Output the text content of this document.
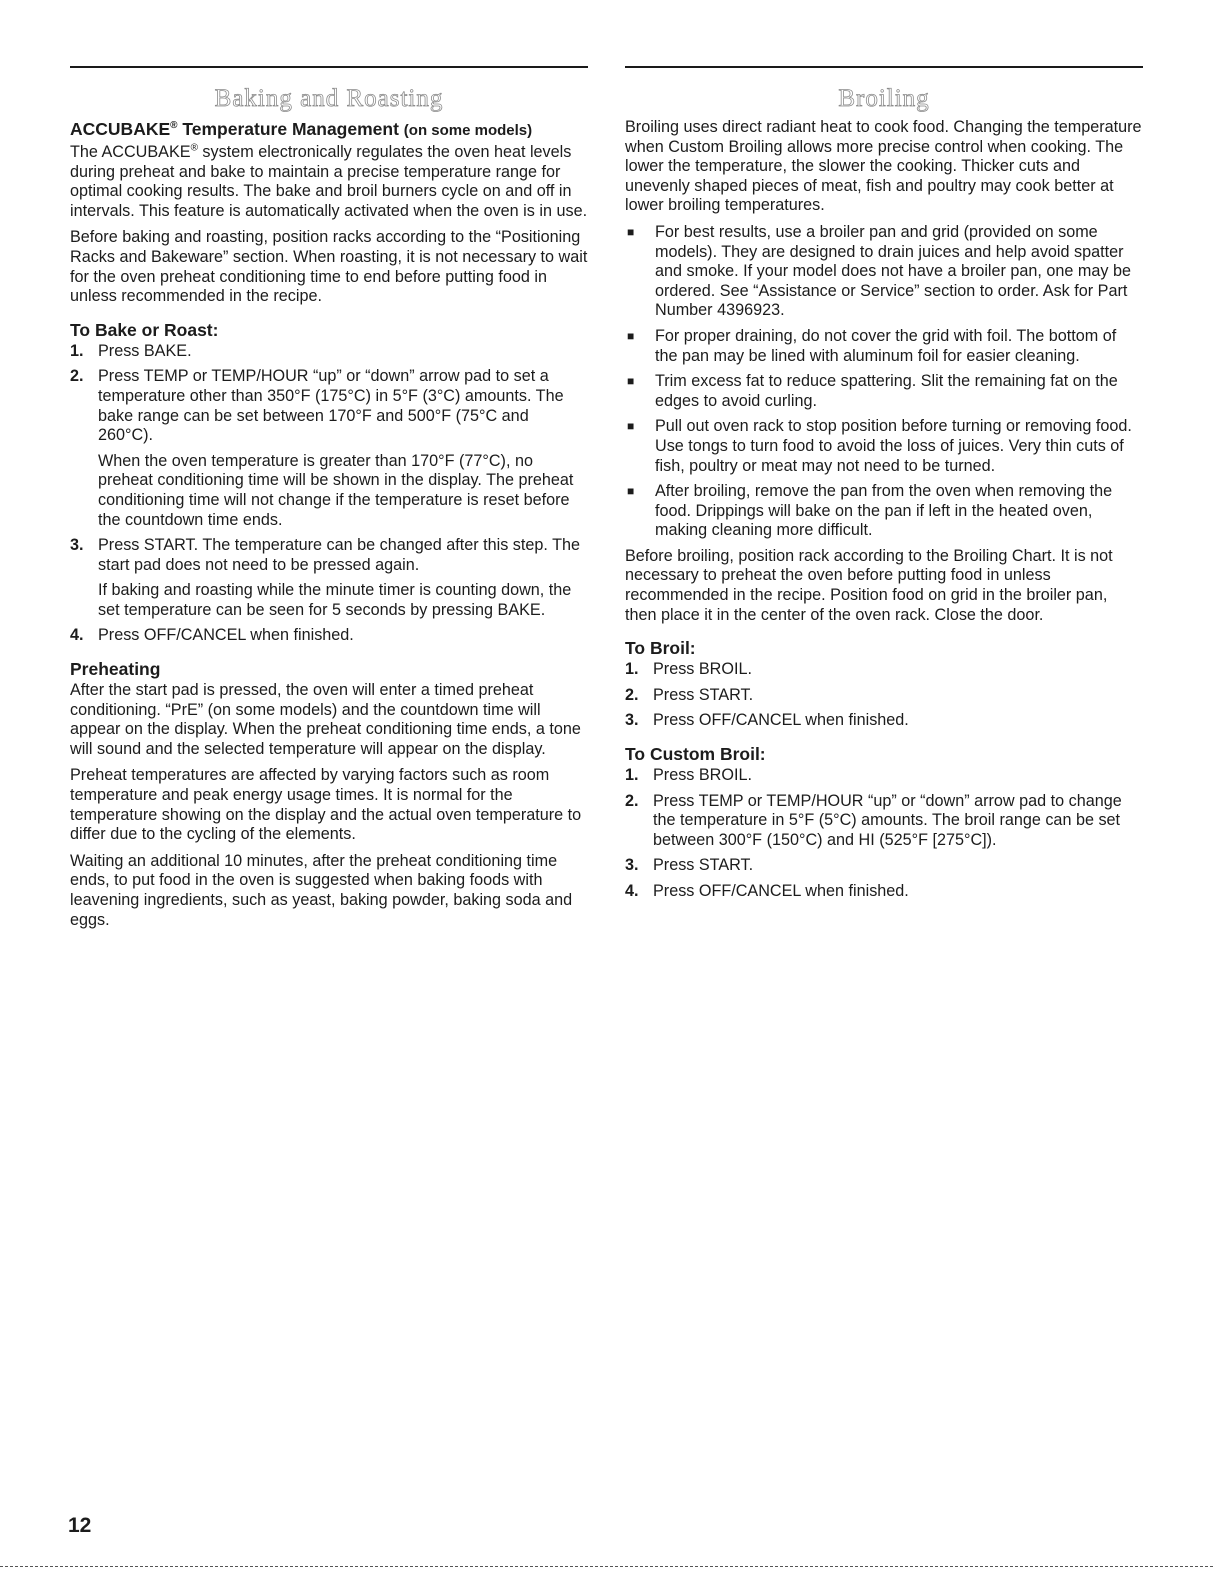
Baking and Roasting
ACCUBAKE® Temperature Management (on some models)

The ACCUBAKE® system electronically regulates the oven heat levels during preheat and bake to maintain a precise temperature range for optimal cooking results. The bake and broil burners cycle on and off in intervals. This feature is automatically activated when the oven is in use.

Before baking and roasting, position racks according to the “Positioning Racks and Bakeware” section. When roasting, it is not necessary to wait for the oven preheat conditioning time to end before putting food in unless recommended in the recipe.

To Bake or Roast:
1. Press BAKE.

2. Press TEMP or TEMP/HOUR “up” or “down” arrow pad to set a temperature other than 350°F (175°C) in 5°F (3°C) amounts. The bake range can be set between 170°F and 500°F (75°C and 260°C).

When the oven temperature is greater than 170°F (77°C), no preheat conditioning time will be shown in the display. The preheat conditioning time will not change if the temperature is reset before the countdown time ends.

3. Press START. The temperature can be changed after this step. The start pad does not need to be pressed again.

If baking and roasting while the minute timer is counting down, the set temperature can be seen for 5 seconds by pressing BAKE.

4. Press OFF/CANCEL when finished.

Preheating

After the start pad is pressed, the oven will enter a timed preheat conditioning. “PrE” (on some models) and the countdown time will appear on the display. When the preheat conditioning time ends, a tone will sound and the selected temperature will appear on the display.

Preheat temperatures are affected by varying factors such as room temperature and peak energy usage times. It is normal for the temperature showing on the display and the actual oven temperature to differ due to the cycling of the elements.

Waiting an additional 10 minutes, after the preheat conditioning time ends, to put food in the oven is suggested when baking foods with leavening ingredients, such as yeast, baking powder, baking soda and eggs.

Broiling

Broiling uses direct radiant heat to cook food. Changing the temperature when Custom Broiling allows more precise control when cooking. The lower the temperature, the slower the cooking. Thicker cuts and unevenly shaped pieces of meat, fish and poultry may cook better at lower broiling temperatures.

■	For best results, use a broiler pan and grid (provided on some models). They are designed to drain juices and help avoid spatter and smoke. If your model does not have a broiler pan, one may be ordered. See “Assistance or Service” section to order. Ask for Part Number 4396923.
■	For proper draining, do not cover the grid with foil. The bottom of the pan may be lined with aluminum foil for easier cleaning.
■	Trim excess fat to reduce spattering. Slit the remaining fat on the edges to avoid curling.
■	Pull out oven rack to stop position before turning or removing food. Use tongs to turn food to avoid the loss of juices. Very thin cuts of fish, poultry or meat may not need to be turned.
■	After broiling, remove the pan from the oven when removing the food. Drippings will bake on the pan if left in the heated oven, making cleaning more difficult.

Before broiling, position rack according to the Broiling Chart. It is not necessary to preheat the oven before putting food in unless recommended in the recipe. Position food on grid in the broiler pan, then place it in the center of the oven rack. Close the door.

To Broil:
1. Press BROIL.
2. Press START.
3. Press OFF/CANCEL when finished.
To Custom Broil:
1. Press BROIL.
2. Press TEMP or TEMP/HOUR “up” or “down” arrow pad to change the temperature in 5°F (5°C) amounts. The broil range can be set between 300°F (150°C) and HI (525°F [275°C]).
3. Press START.
4. Press OFF/CANCEL when finished.
12
